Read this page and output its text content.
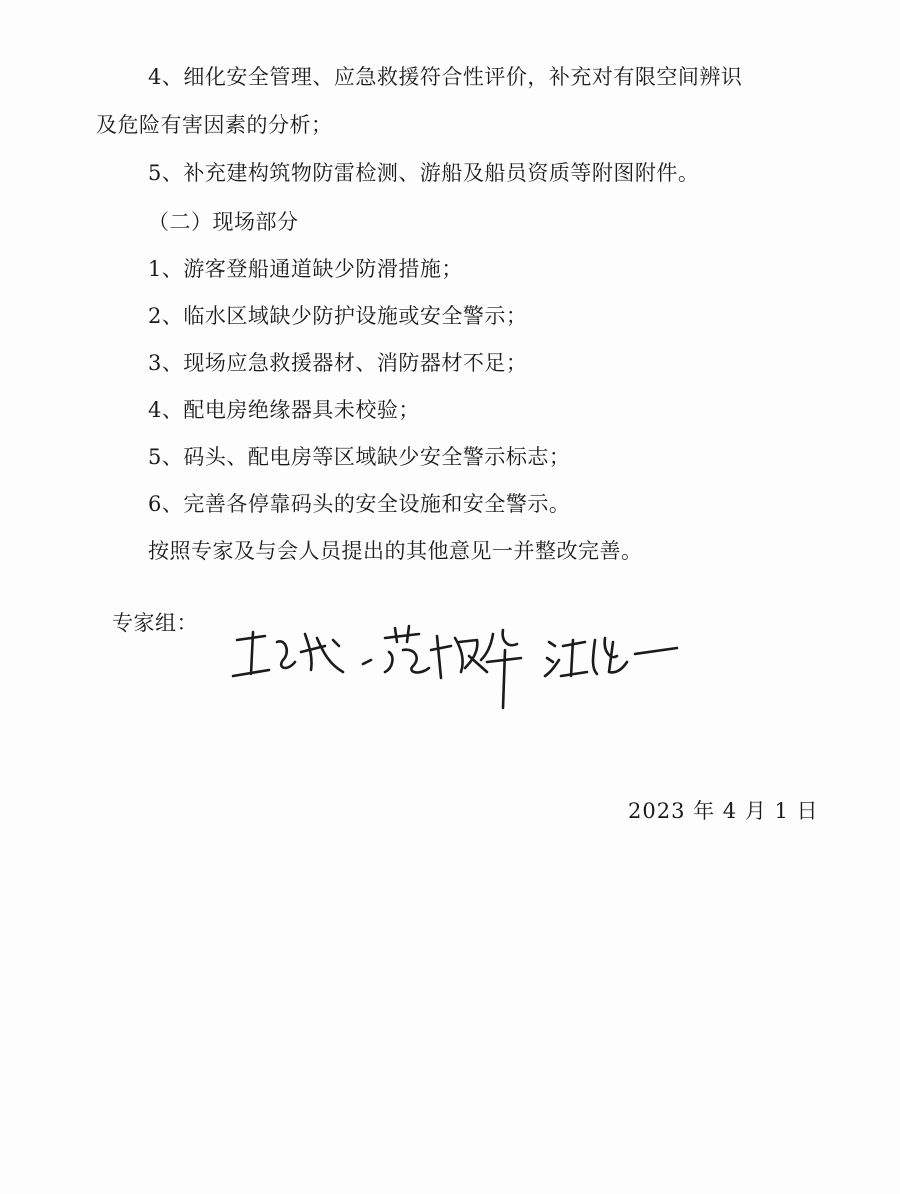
4、细化安全管理、应急救援符合性评价，补充对有限空间辨识
及危险有害因素的分析；
5、补充建构筑物防雷检测、游船及船员资质等附图附件。
（二）现场部分
1、游客登船通道缺少防滑措施；
2、临水区域缺少防护设施或安全警示；
3、现场应急救援器材、消防器材不足；
4、配电房绝缘器具未校验；
5、码头、配电房等区域缺少安全警示标志；
6、完善各停靠码头的安全设施和安全警示。
按照专家及与会人员提出的其他意见一并整改完善。
专家组：
2023 年 4 月 1 日
